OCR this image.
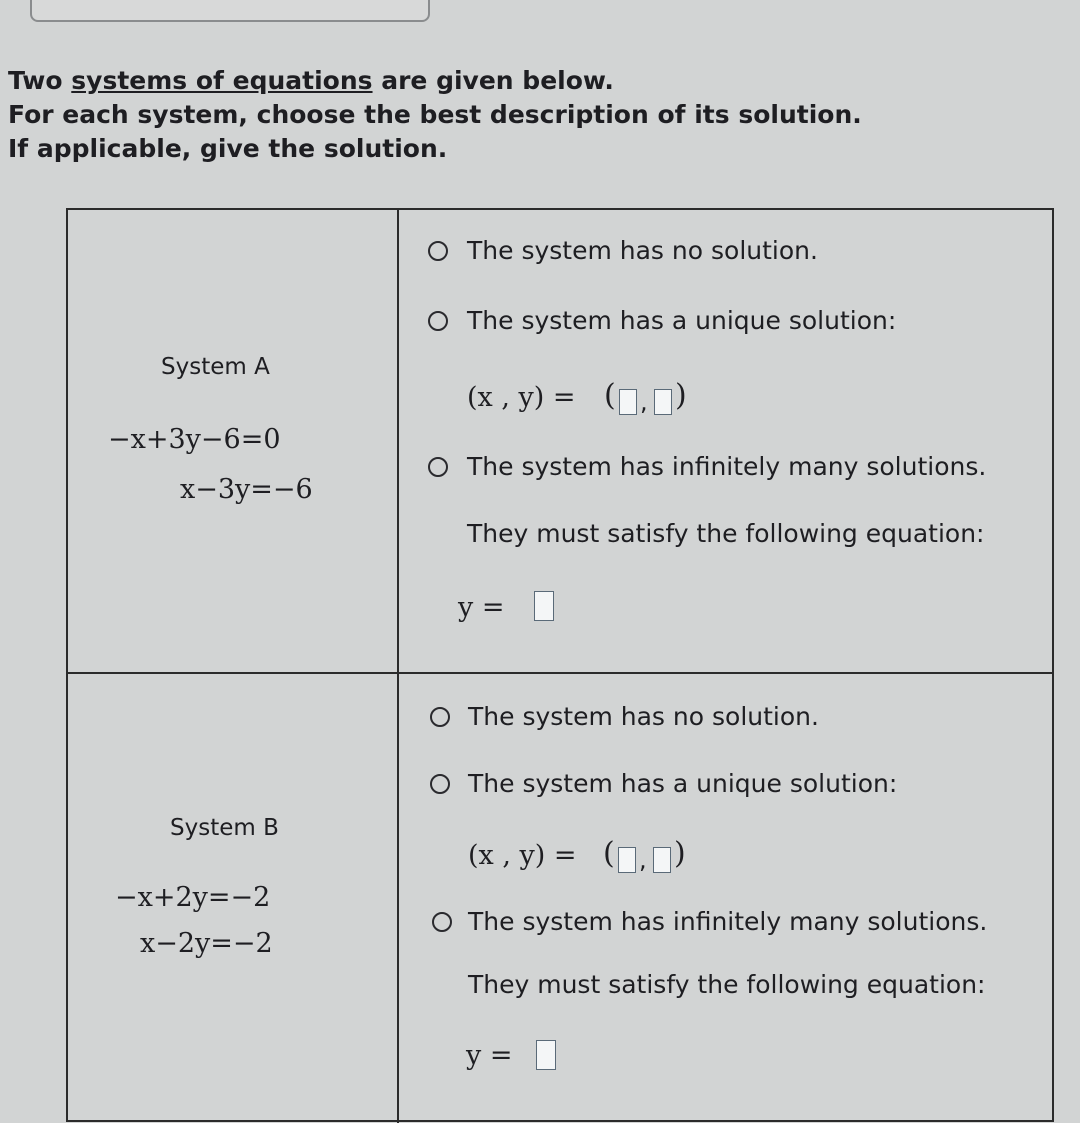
Two systems of equations are given below.
For each system, choose the best description of its solution.
If applicable, give the solution.
System A
−x+3y−6=0
x−3y=−6
The system has no solution.
The system has a unique solution:
(x , y) = ( , )
The system has infinitely many solutions.
They must satisfy the following equation:
y =
System B
−x+2y=−2
x−2y=−2
The system has no solution.
The system has a unique solution:
(x , y) = ( , )
The system has infinitely many solutions.
They must satisfy the following equation:
y =
